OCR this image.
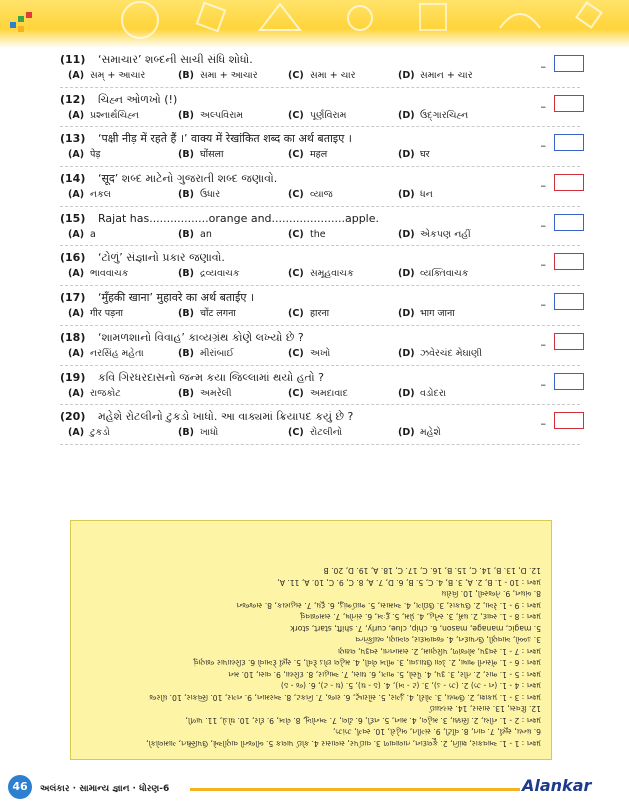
(11) ‘સમાચાર’ શબ્દની સાચી સંધિ શોધો.
(A) સમ્ + આચાર	(B) સમા + આચાર	(C) સમા + ચાર	(D) સમાન + ચાર
–
(12) ચિહ્ન ઓળખો (!)
(A) પ્રશ્નાર્થચિહ્ન	(B) અલ્પવિરામ	(C) પૂર્ણવિરામ	(D) ઉદ્‌ગારચિહ્ન
–
(13) ‘पक्षी नीड़ में रहते हैं ।’ वाक्य में रेखांकित शब्द का अर्थ बताइए ।
(A) पेड़	(B) घोंसला	(C) महल	(D) घर
–
(14) ‘सूद’ શબ્દ માટેનો ગુજરાતી શબ્દ જણાવો.
(A) નકલ	(B) ઉધાર	(C) વ્યાજ	(D) ધન
–
(15) Rajat has.................orange and.....................apple.
(A) a	(B) an	(C) the	(D) એકપણ નહીં
–
(16) ‘ટોળું’ સંજ્ઞાનો પ્રકાર જણાવો.
(A) ભાવવાચક	(B) દ્રવ્યવાચક	(C) સમૂહવાચક	(D) વ્યક્તિવાચક
–
(17) ‘मुँहकी खाना’ मुहावरे का अर्थ बताईए ।
(A) गीर पड़ना	(B) चोंट लगना	(C) हारना	(D) भाग जाना
–
(18) ‘શામળશાનો વિવાહ’ કાવ્યગ્રંથ કોણે લખ્યો છે ?
(A) નરસિંહ મહેતા	(B) મીરાંબાઈ	(C) અખો	(D) ઝવેરચંદ મેઘાણી
–
(19) કવિ ગિરધરદાસનો જન્મ કયા જિલ્લામાં થયો હતો ?
(A) રાજકોટ	(B) અમરેલી	(C) અમદાવાદ	(D) વડોદરા
–
(20) મહેશે રોટલીનો ટુકડો ખાધો. આ વાક્યમાં ક્રિયાપદ કયું છે ?
(A) ટુકડો	(B) ખાધો	(C) રોટલીનો	(D) મહેશે
–
પ્રશ્ન : 1 - 1. આવકાર, શાંતિ, 2. ફૂલદાન, તાલાવાળ 3. વાઈપર, સલાસર 4. કોઈ પાલક 5. બીજની વાણીઓ, ઉપસ્થિત, ગામલોકો,
6. ધન્ય, સૂર્ય, 7. વાત, 8. વીંટી, 9. સંગીત, બહેરો, 10. સ્વર્ગ, ઝાંઝ,
પ્રશ્ન : 2 - 1. નીચ, 2. સિક્કા, 3. મહેલ, 4. માન, 5. નદી, 6. ઢોલ, 7. અનોખું, 8. લેખ, 9. દોર, 10. ઘોડો, 11. પાળી,
12. દિવસ, 13. સાસર, 14. સચ્ચાઈ
પ્રશ્ન : 3 - 1. પ્રકાશ, 2. ઉભય, 3. ગોરી, 4. ડુંગર, 5. સૌરાષ્ટ્ર, 6. રાજ, 7. નિકટ, 8. અરમાન, 9. નગર, 10. સ્વિકાર, 10. ધીરજ
પ્રશ્ન : 4 - 1. (ન - ઝ) 2. (ઝ - ડ), 3. (ટ - ખ), 4. (ઠ - ઘ), 5. (ઘ - ટ), 6. (જ - ઠ)
પ્રશ્ન : 5 - 1. ભાર, 2. તીર, 3. રૂપ, 4. પૈસો, 5. ભાગ, 6. ઘાસ, 7. આહાર, 8. દરિયા, 9. વાસ, 10. મન
પ્રશ્ન : 6 - 1. ભેંસની ભાષા, 2. ડેલા ઉઘાડવા, 3. ભીખ લેવી, 4. મહેલ છોડ દેવી, 5. સૂર્ય દેખાવો 6. દરિયાપાર જાણવું
પ્રશ્ન : 7 - 1. સ્વરૂપ, મોજાંળ, પરિણામ, 2. સમાનતા, સ્વરૂપ, લક્ષણ
3. ડબ્બો, ખાવણી, ઉત્પાદન, 4. જવાબદાર, લખાણ, વ્યક્તિત્વ
5. magic, manage, mason, 6. chip, clue, curly, 7. shift, start, stork
પ્રશ્ન : 8 - 1. સ્વાદ, 2. ધર્મ, 3. સ્નેહ, 4. પ્રેમ, 5. દુઃખ, 6. સંતોષ, 7. સમજાવવું
પ્રશ્ન : 9 - 1. રેખા, 2. ઉપકાર, 3. ઉદ્યોગ, 4. અમાસ, 5. ભાઈભાંડુ, 6. દૂધ, 7. સહાયક, 8. સજ્જન
8. બંધન, 9. તેજસ્વી, 10. વિરોધ
પ્રશ્ન : 10 - 1. B, 2. A, 3. B, 4. C, 5. B, 6. D, 7. A, 8. C, 9. C, 10. A, 11. A,
12. D, 13. B, 14. C, 15. B, 16. C, 17. C, 18. A, 19. D, 20. B
46	અલંકાર · સામાન્ય જ્ઞાન · ધોરણ-6	Alankar
